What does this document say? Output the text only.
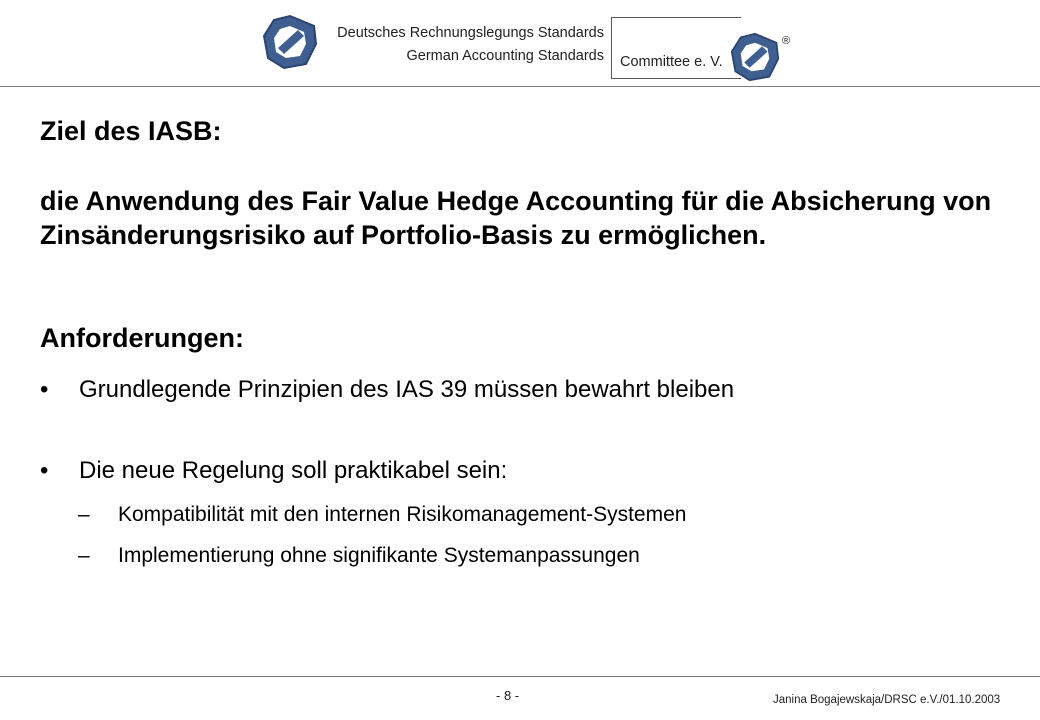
Deutsches Rechnungslegungs Standards
German Accounting Standards Committee e. V.
®
Ziel des IASB:
die Anwendung des Fair Value Hedge Accounting für die Absicherung von Zinsänderungsrisiko auf Portfolio-Basis zu ermöglichen.
Anforderungen:
• Grundlegende Prinzipien des IAS 39 müssen bewahrt bleiben
• Die neue Regelung soll praktikabel sein:
– Kompatibilität mit den internen Risikomanagement-Systemen
– Implementierung ohne signifikante Systemanpassungen
- 8 -	Janina Bogajewskaja/DRSC e.V./01.10.2003
